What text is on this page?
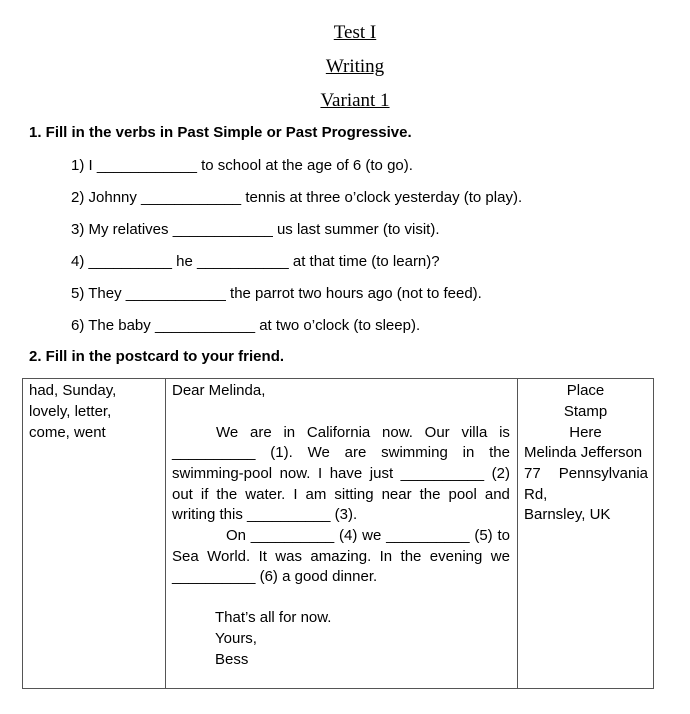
Test I
Writing
Variant 1
1. Fill in the verbs in Past Simple or Past Progressive.
1) I ____________ to school at the age of 6 (to go).
2) Johnny ____________ tennis at three o’clock yesterday (to play).
3) My relatives ____________ us last summer (to visit).
4) __________ he ___________ at that time (to learn)?
5) They ____________ the parrot two hours ago (not to feed).
6) The baby ____________ at two o’clock (to sleep).
2. Fill in the postcard to your friend.
had, Sunday,
lovely, letter,
come, went
Dear Melinda,
We are in California now. Our villa is
__________ (1). We are swimming in the
swimming-pool now. I have just __________ (2)
out if the water. I am sitting near the pool and
writing this __________ (3).
On __________ (4) we __________ (5) to
Sea World. It was amazing. In the evening we
__________ (6) a good dinner.
That’s all for now.
Yours,
Bess
Place
Stamp
Here
Melinda Jefferson
77 Pennsylvania
Rd,
Barnsley, UK
